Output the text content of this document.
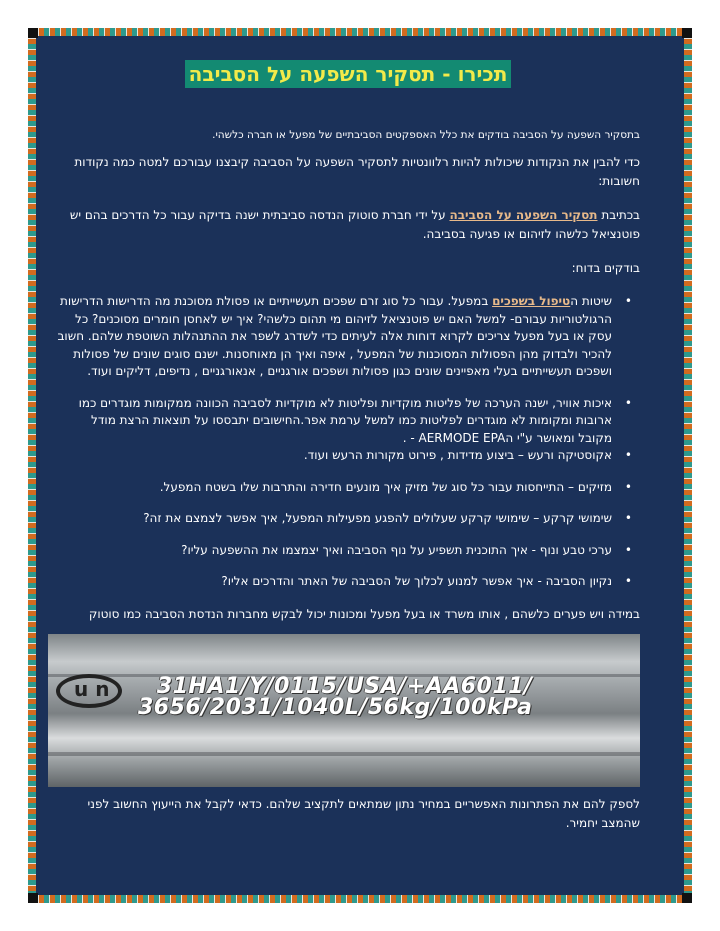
תכירו - תסקיר השפעה על הסביבה

בתסקיר השפעה על הסביבה בודקים את כלל האספקטים הסביבתיים של מפעל או חברה כלשהי.

כדי להבין את הנקודות שיכולות להיות רלוונטיות לתסקיר השפעה על הסביבה קיבצנו עבורכם למטה כמה נקודות חשובות:

בכתיבת תסקיר השפעה על הסביבה על ידי חברת סוטוק הנדסה סביבתית ישנה בדיקה עבור כל הדרכים בהם יש פוטנציאל כלשהו לזיהום או פגיעה בסביבה.

בודקים בדוח:

• שיטות הטיפול בשפכים במפעל. עבור כל סוג זרם שפכים תעשייתיים או פסולת מסוכנת מה הדרישות הדרישות הרגולטוריות עבורם- למשל האם יש פוטנציאל לזיהום מי תהום כלשהי? איך יש לאחסן חומרים מסוכנים? כל עסק או בעל מפעל צריכים לקרוא דוחות אלה לעיתים כדי לשדרג לשפר את ההתנהלות השוטפת שלהם. חשוב להכיר ולבדוק מהן הפסולות המסוכנות של המפעל , איפה ואיך הן מאוחסנות. ישנם סוגים שונים של פסולות ושפכים תעשייתיים בעלי מאפיינים שונים כגון פסולות ושפכים אורגניים , אנאורגניים , נדיפים, דליקים ועוד.
• איכות אוויר, ישנה הערכה של פליטות מוקדיות ופליטות לא מוקדיות לסביבה הכוונה ממקומות מוגדרים כמו ארובות ומקומות לא מוגדרים לפליטות כמו למשל ערמת אפר.החישובים יתבססו על תוצאות הרצת מודל מקובל ומאושר ע"י הAERMODE EPA - .
• אקוסטיקה ורעש – ביצוע מדידות , פירוט מקורות הרעש ועוד.
• מזיקים – התייחסות עבור כל סוג של מזיק איך מונעים חדירה והתרבות שלו בשטח המפעל.
• שימושי קרקע – שימושי קרקע שעלולים להפגע מפעילות המפעל, איך אפשר לצמצם את זה?
• ערכי טבע ונוף - איך התוכנית תשפיע על נוף הסביבה ואיך יצמצמו את ההשפעה עליו?
• נקיון הסביבה - איך אפשר למנוע לכלוך של הסביבה של האתר והדרכים אליו?

במידה ויש פערים כלשהם , אותו משרד או בעל מפעל ומכונות יכול לבקש מחברות הנדסת הסביבה כמו סוטוק

u n
31HA1/Y/0115/USA/+AA6011/
3656/2031/1040L/56kg/100kPa

לספק להם את הפתרונות האפשריים במחיר נתון שמתאים לתקציב שלהם. כדאי לקבל את הייעוץ החשוב לפני שהמצב יחמיר.
